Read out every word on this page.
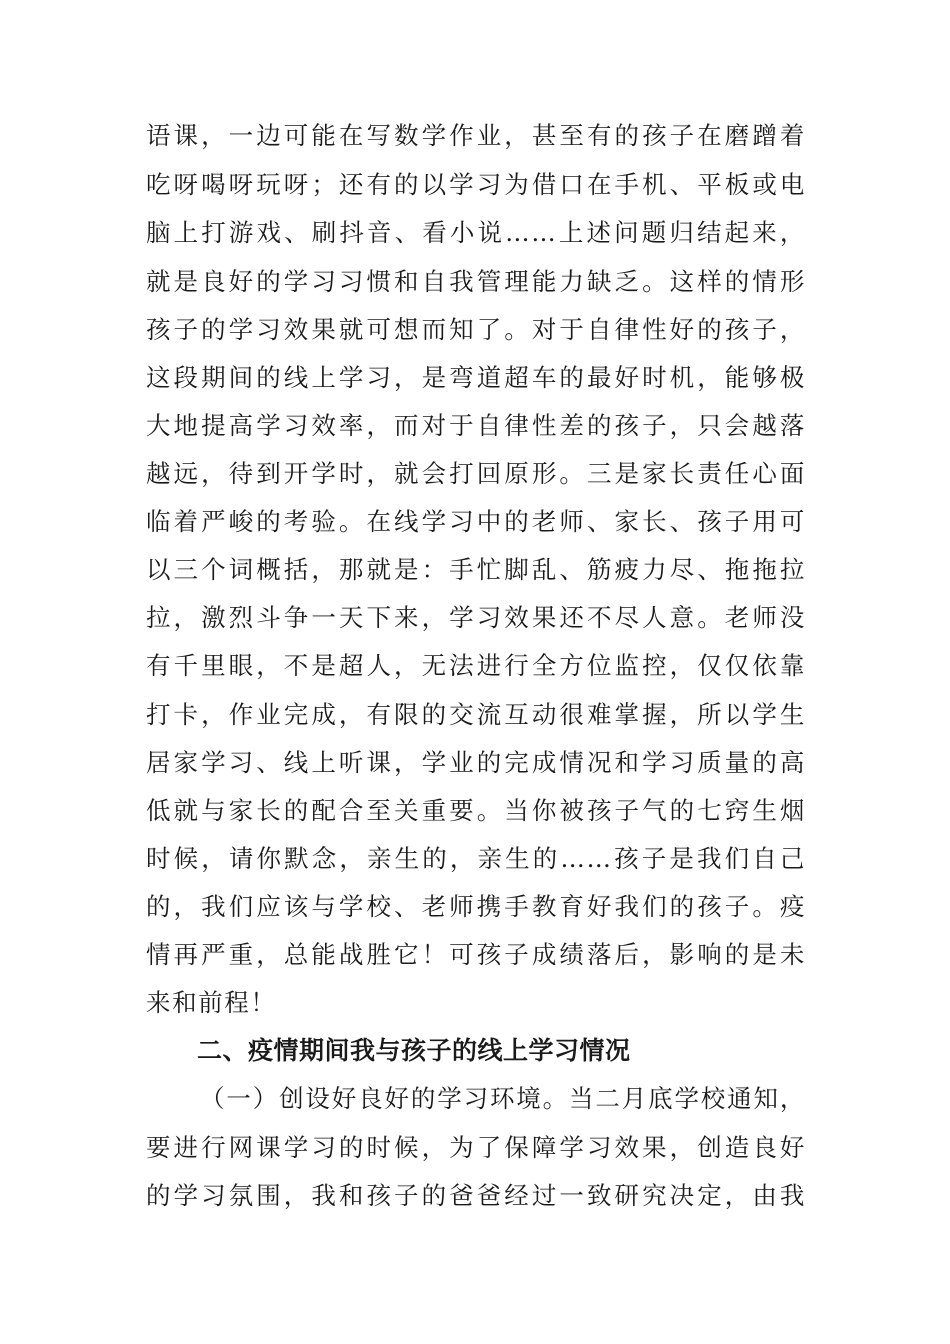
语课，一边可能在写数学作业，甚至有的孩子在磨蹭着
吃呀喝呀玩呀；还有的以学习为借口在手机、平板或电
脑上打游戏、刷抖音、看小说……上述问题归结起来，
就是良好的学习习惯和自我管理能力缺乏。这样的情形
孩子的学习效果就可想而知了。对于自律性好的孩子，
这段期间的线上学习，是弯道超车的最好时机，能够极
大地提高学习效率，而对于自律性差的孩子，只会越落
越远，待到开学时，就会打回原形。三是家长责任心面
临着严峻的考验。在线学习中的老师、家长、孩子用可
以三个词概括，那就是：手忙脚乱、筋疲力尽、拖拖拉
拉，激烈斗争一天下来，学习效果还不尽人意。老师没
有千里眼，不是超人，无法进行全方位监控，仅仅依靠
打卡，作业完成，有限的交流互动很难掌握，所以学生
居家学习、线上听课，学业的完成情况和学习质量的高
低就与家长的配合至关重要。当你被孩子气的七窍生烟
时候，请你默念，亲生的，亲生的……孩子是我们自己
的，我们应该与学校、老师携手教育好我们的孩子。疫
情再严重，总能战胜它！可孩子成绩落后，影响的是未
来和前程！
二、疫情期间我与孩子的线上学习情况
（一）创设好良好的学习环境。当二月底学校通知，
要进行网课学习的时候，为了保障学习效果，创造良好
的学习氛围，我和孩子的爸爸经过一致研究决定，由我
